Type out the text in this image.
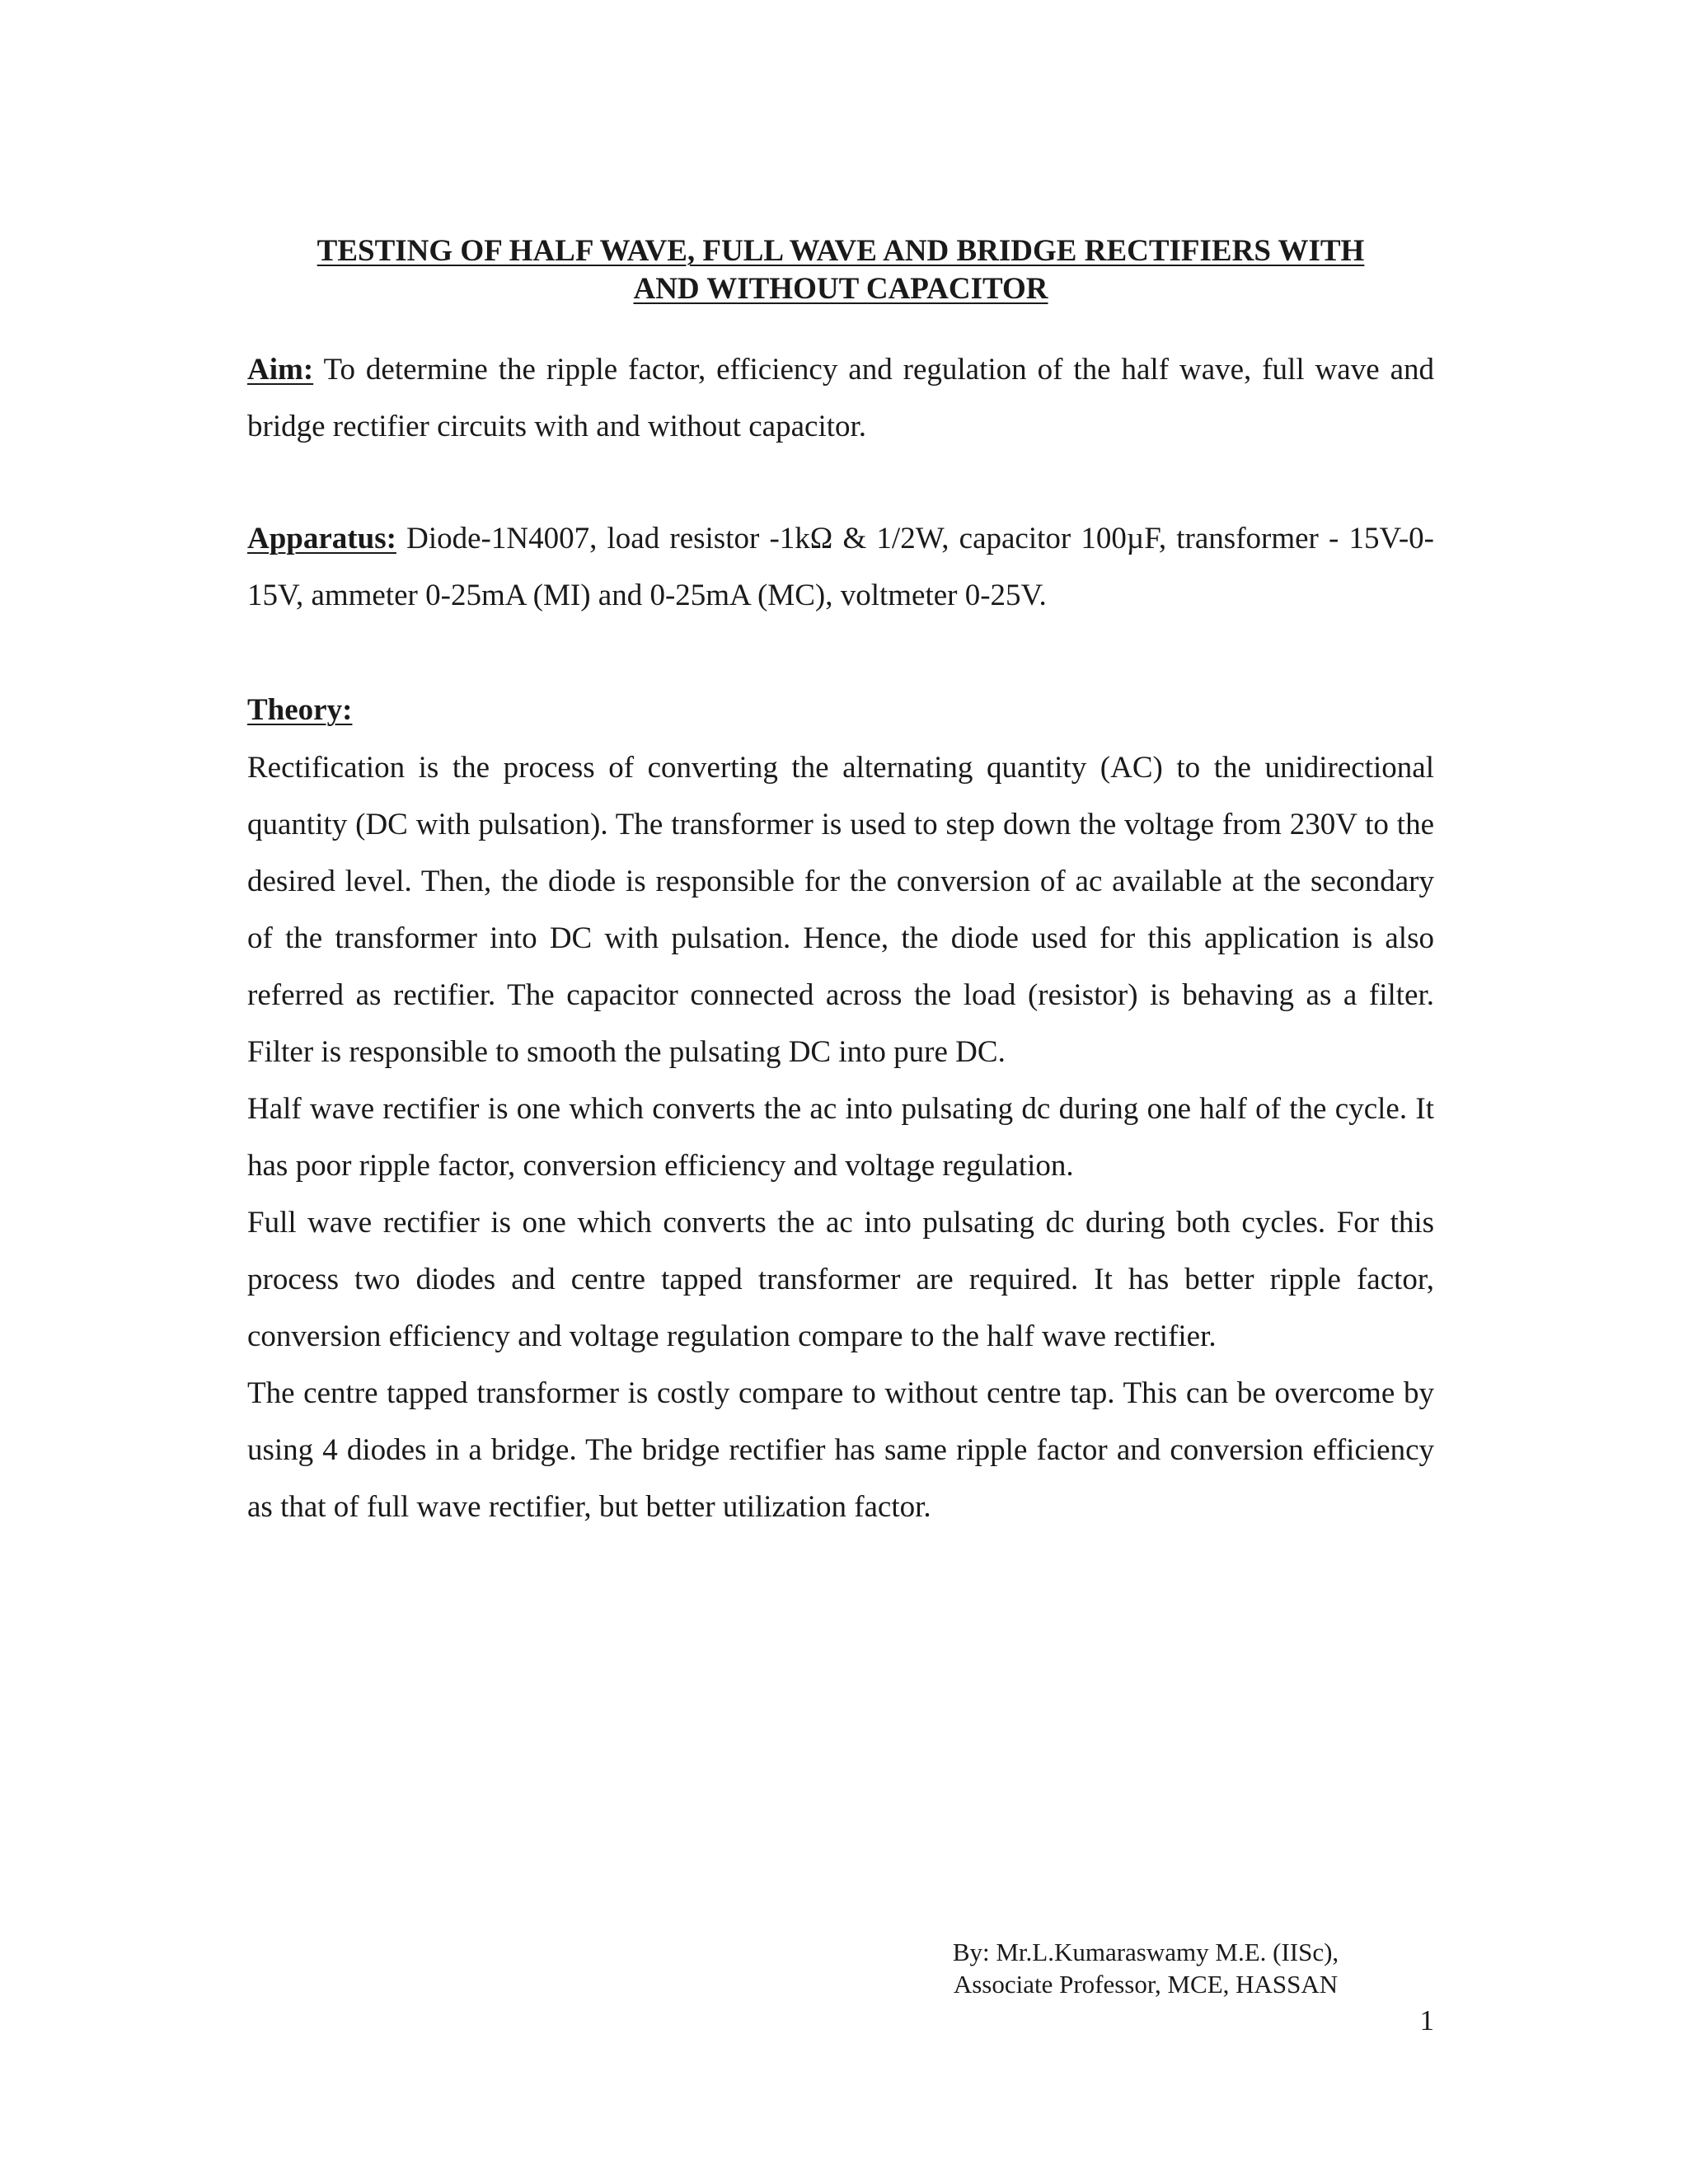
TESTING OF HALF WAVE, FULL WAVE AND BRIDGE RECTIFIERS WITH
AND WITHOUT CAPACITOR

Aim: To determine the ripple factor, efficiency and regulation of the half wave, full wave and bridge rectifier circuits with and without capacitor.

Apparatus: Diode-1N4007, load resistor -1kΩ & 1/2W, capacitor 100µF, transformer - 15V-0-15V, ammeter 0-25mA (MI) and 0-25mA (MC), voltmeter 0-25V.

Theory:

Rectification is the process of converting the alternating quantity (AC) to the unidirectional quantity (DC with pulsation). The transformer is used to step down the voltage from 230V to the desired level. Then, the diode is responsible for the conversion of ac available at the secondary of the transformer into DC with pulsation. Hence, the diode used for this application is also referred as rectifier. The capacitor connected across the load (resistor) is behaving as a filter. Filter is responsible to smooth the pulsating DC into pure DC.

Half wave rectifier is one which converts the ac into pulsating dc during one half of the cycle. It has poor ripple factor, conversion efficiency and voltage regulation.

Full wave rectifier is one which converts the ac into pulsating dc during both cycles. For this process two diodes and centre tapped transformer are required. It has better ripple factor, conversion efficiency and voltage regulation compare to the half wave rectifier.

The centre tapped transformer is costly compare to without centre tap. This can be overcome by using 4 diodes in a bridge. The bridge rectifier has same ripple factor and conversion efficiency as that of full wave rectifier, but better utilization factor.

By: Mr.L.Kumaraswamy M.E. (IISc),
Associate Professor, MCE, HASSAN
1
